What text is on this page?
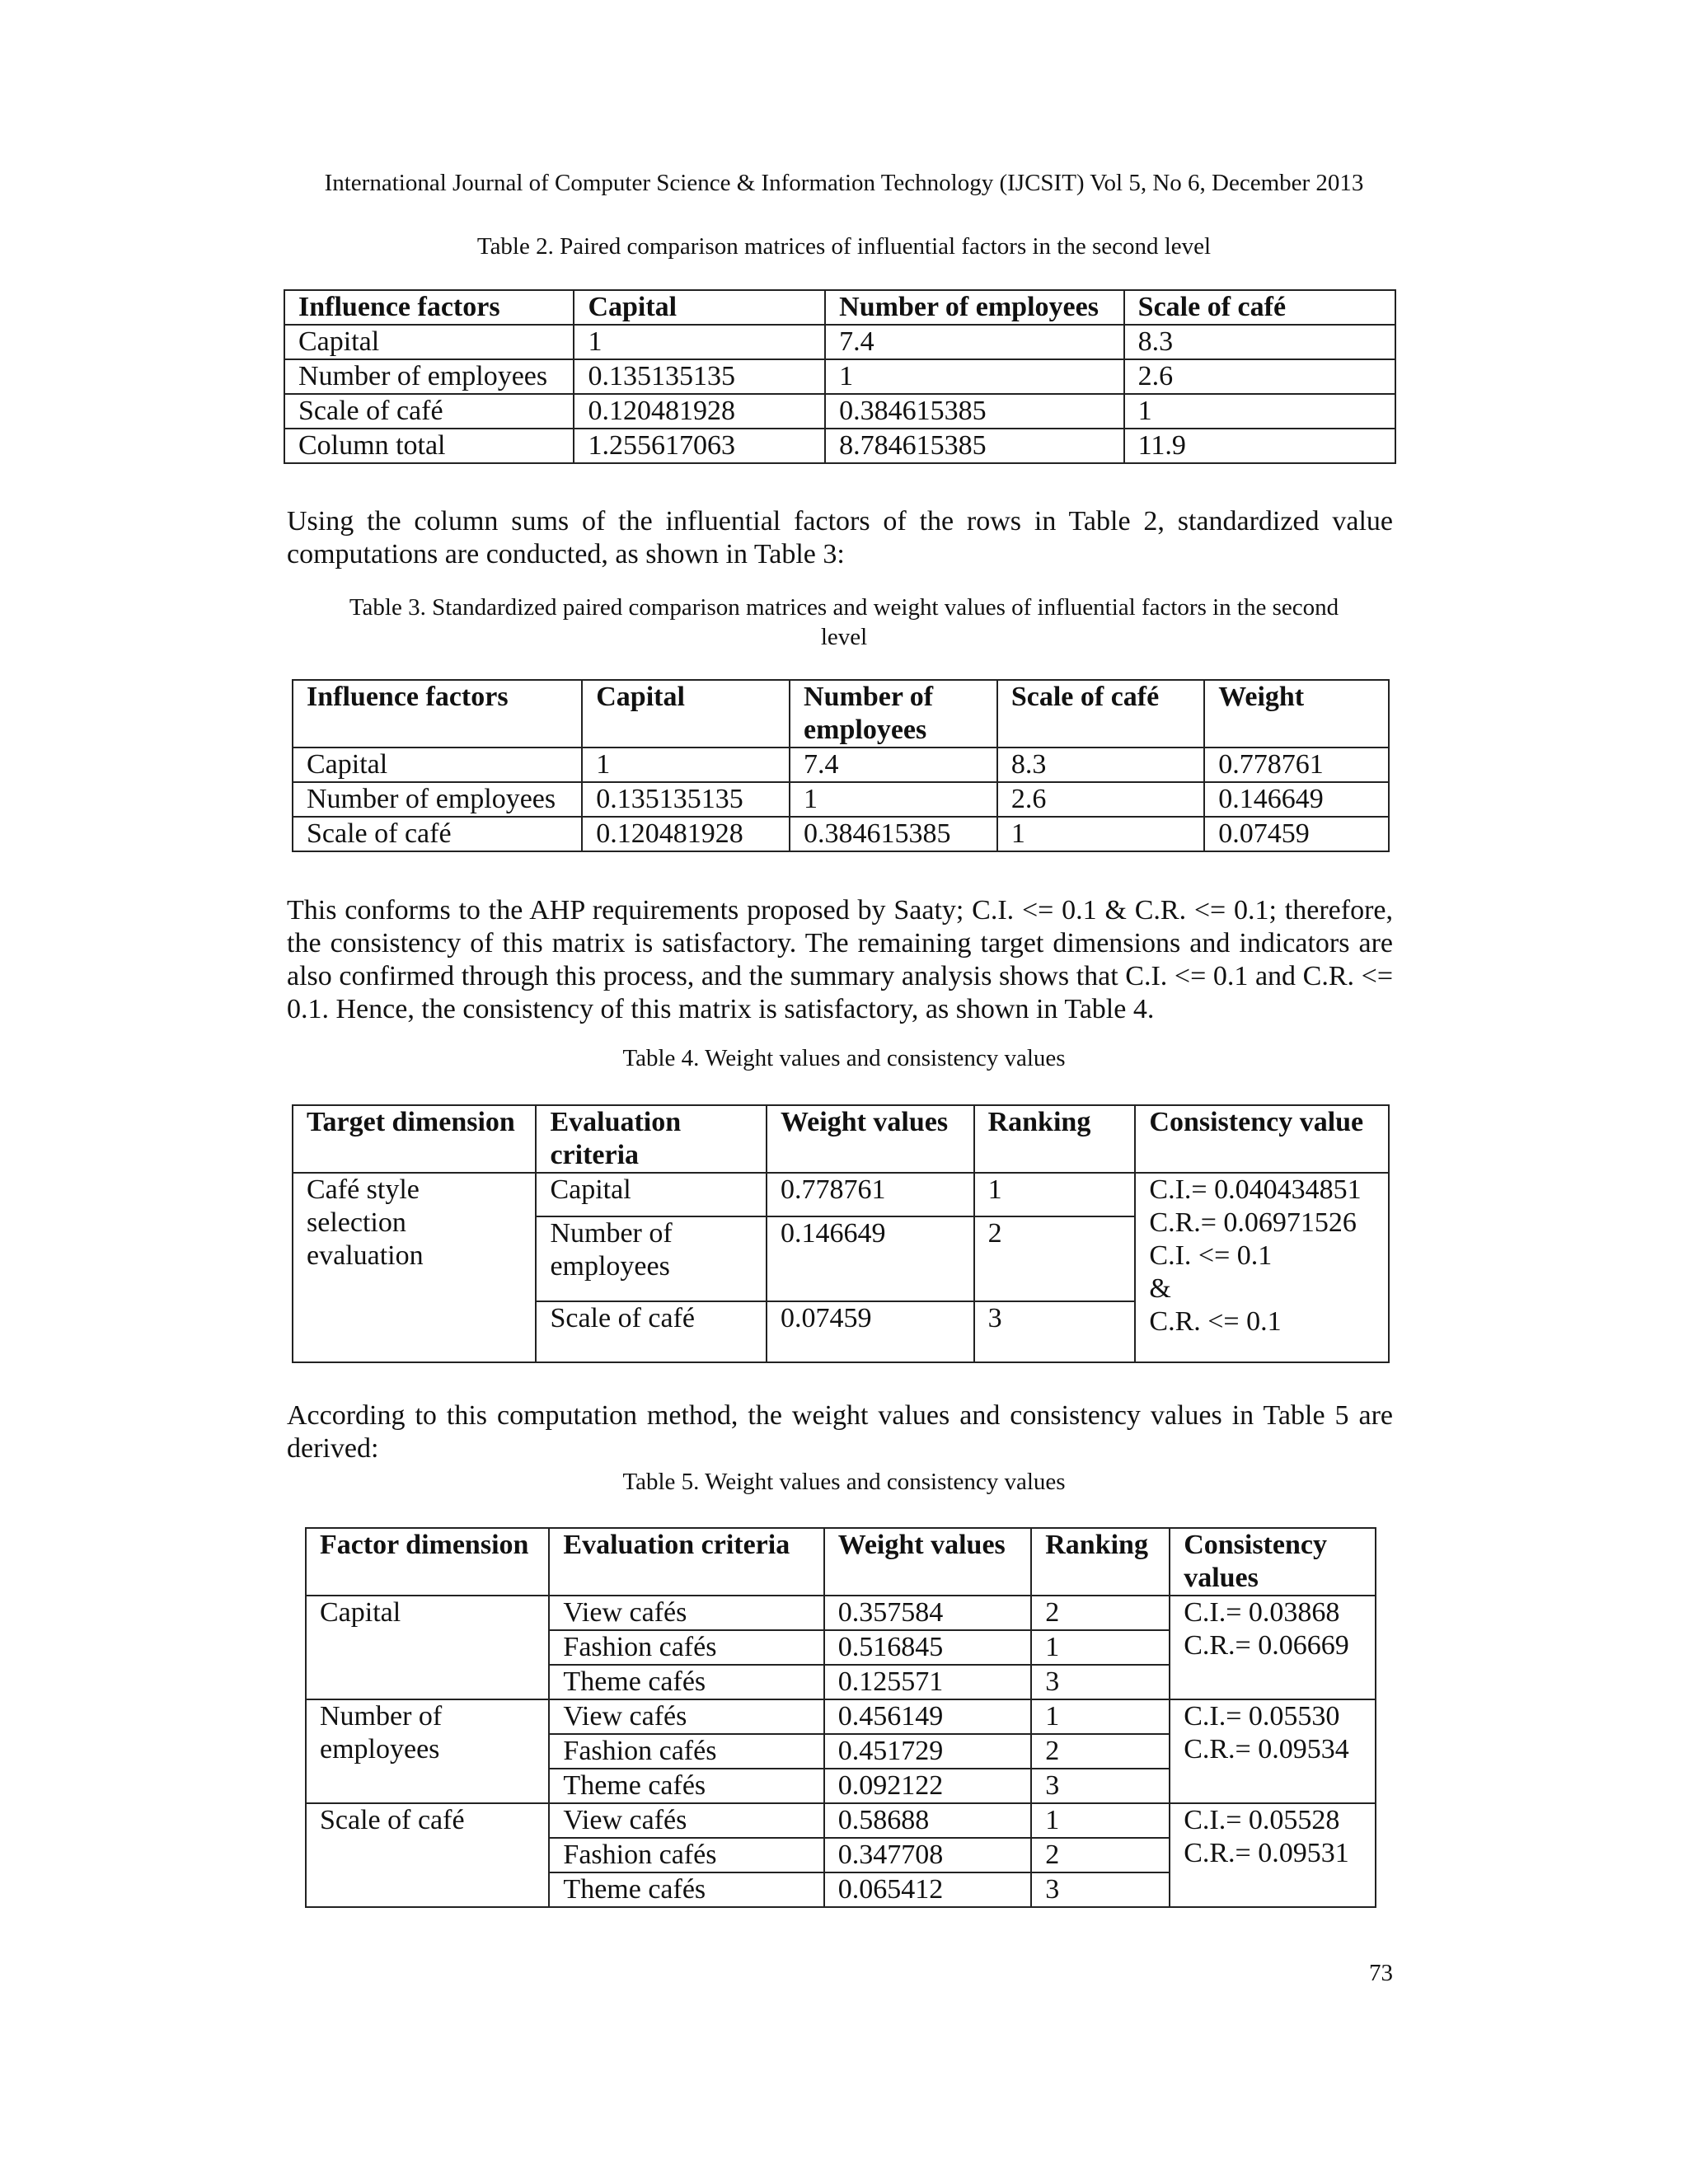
International Journal of Computer Science & Information Technology (IJCSIT) Vol 5, No 6, December 2013
Table 2. Paired comparison matrices of influential factors in the second level
Influence factors	Capital	Number of employees	Scale of café
Capital	1	7.4	8.3
Number of employees	0.135135135	1	2.6
Scale of café	0.120481928	0.384615385	1
Column total	1.255617063	8.784615385	11.9
Using the column sums of the influential factors of the rows in Table 2, standardized value computations are conducted, as shown in Table 3:
Table 3. Standardized paired comparison matrices and weight values of influential factors in the second
level
Influence factors	Capital	Number of employees	Scale of café	Weight
Capital	1	7.4	8.3	0.778761
Number of employees	0.135135135	1	2.6	0.146649
Scale of café	0.120481928	0.384615385	1	0.07459
This conforms to the AHP requirements proposed by Saaty; C.I. <= 0.1 & C.R. <= 0.1; therefore, the consistency of this matrix is satisfactory. The remaining target dimensions and indicators are also confirmed through this process, and the summary analysis shows that C.I. <= 0.1 and C.R. <= 0.1. Hence, the consistency of this matrix is satisfactory, as shown in Table 4.
Table 4. Weight values and consistency values
Target dimension	Evaluation criteria	Weight values	Ranking	Consistency value
Café style selection evaluation	Capital	0.778761	1	C.I.= 0.040434851
C.R.= 0.06971526
C.I. <= 0.1
&
C.R. <= 0.1

	Number of employees	0.146649	2	
	Scale of café	0.07459	3	
According to this computation method, the weight values and consistency values in Table 5 are derived:
Table 5. Weight values and consistency values
Factor dimension	Evaluation criteria	Weight values	Ranking	Consistency values
Capital	View cafés	0.357584	2	C.I.= 0.03868
C.R.= 0.06669

	Fashion cafés	0.516845	1	
	Theme cafés	0.125571	3	
Number of employees	View cafés	0.456149	1	C.I.= 0.05530
C.R.= 0.09534

	Fashion cafés	0.451729	2	
	Theme cafés	0.092122	3	
Scale of café	View cafés	0.58688	1	C.I.= 0.05528
C.R.= 0.09531

	Fashion cafés	0.347708	2	
	Theme cafés	0.065412	3	
73
